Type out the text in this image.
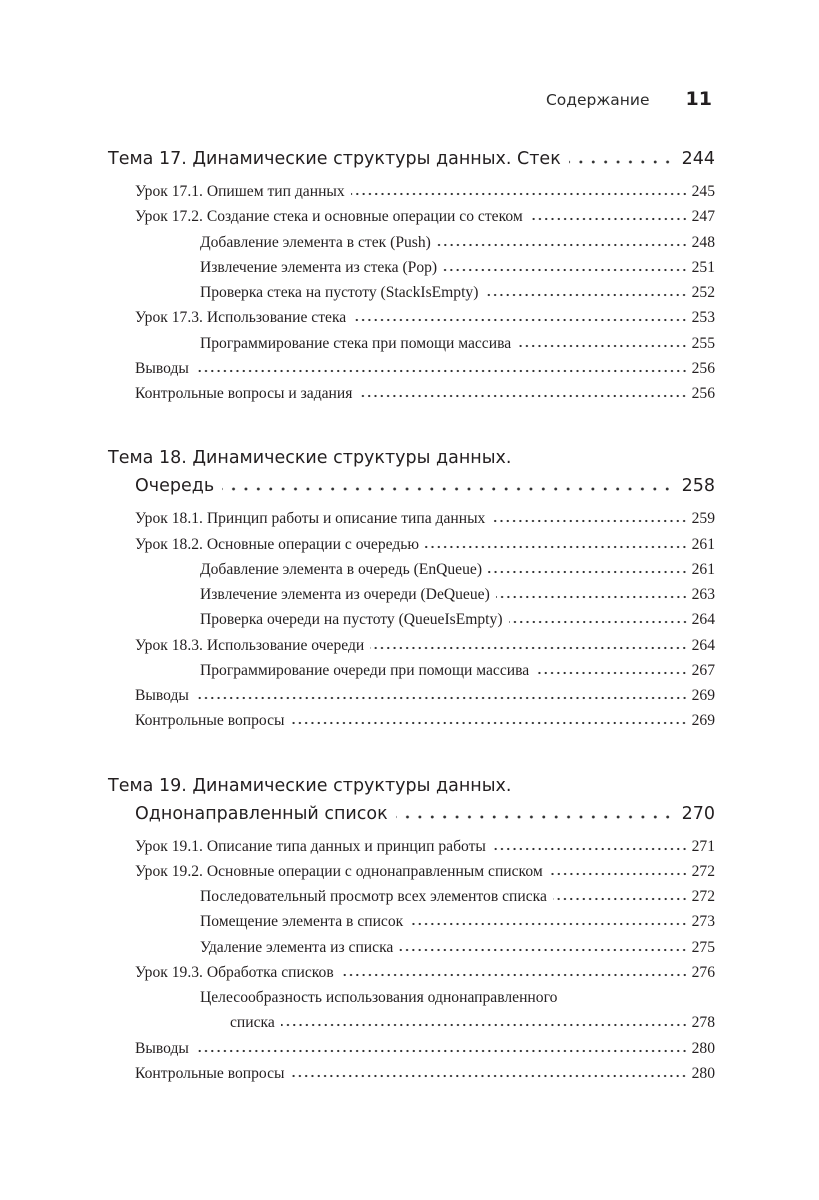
Содержание 11
Тема 17. Динамические структуры данных. Стек	244
Урок 17.1. Опишем тип данных	245
Урок 17.2. Создание стека и основные операции со стеком	247
Добавление элемента в стек (Push)	248
Извлечение элемента из стека (Pop)	251
Проверка стека на пустоту (StackIsEmpty)	252
Урок 17.3. Использование стека	253
Программирование стека при помощи массива	255
Выводы	256
Контрольные вопросы и задания	256
Тема 18. Динамические структуры данных.
Очередь	258
Урок 18.1. Принцип работы и описание типа данных	259
Урок 18.2. Основные операции с очередью	261
Добавление элемента в очередь (EnQueue)	261
Извлечение элемента из очереди (DeQueue)	263
Проверка очереди на пустоту (QueueIsEmpty)	264
Урок 18.3. Использование очереди	264
Программирование очереди при помощи массива	267
Выводы	269
Контрольные вопросы	269
Тема 19. Динамические структуры данных.
Однонаправленный список	270
Урок 19.1. Описание типа данных и принцип работы	271
Урок 19.2. Основные операции с однонаправленным списком	272
Последовательный просмотр всех элементов списка	272
Помещение элемента в список	273
Удаление элемента из списка	275
Урок 19.3. Обработка списков	276
Целесообразность использования однонаправленного
списка	278
Выводы	280
Контрольные вопросы	280
